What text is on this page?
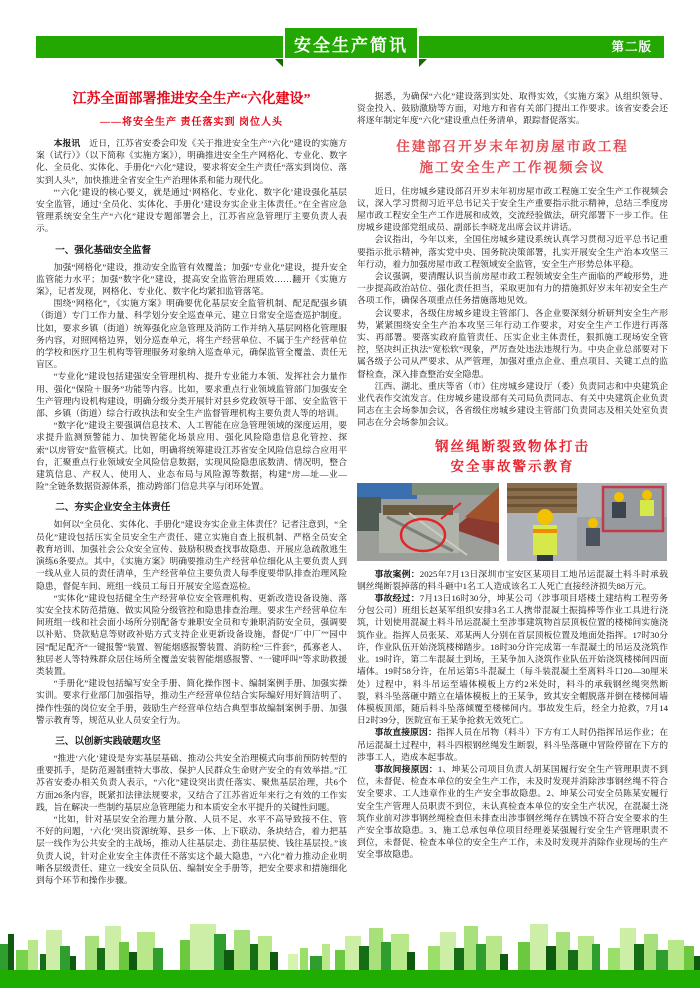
安全生产简讯	第二版
江苏全面部署推进安全生产“六化建设”
——将安全生产 责任落实到 岗位人头

本报讯　近日，江苏省安委会印发《关于推进安全生产“六化”建设的实施方案（试行）》（以下简称《实施方案》），明确推进安全生产网格化、专业化、数字化、全员化、实体化、手册化“六化”建设，要求将安全生产责任“落实到岗位、落实到人头”，加快推进全省安全生产治理体系和能力现代化。

“‘六化’建设的核心要义，就是通过‘网格化、专业化、数字化’建设强化基层安全监管，通过‘全员化、实体化、手册化’建设夯实企业主体责任。”在全省应急管理系统安全生产“六化”建设专题部署会上，江苏省应急管理厅主要负责人表示。

一、强化基础安全监督

加强“网格化”建设，推动安全监管有效覆盖；加强“专业化”建设，提升安全监管能力水平；加强“数字化”建设，提高安全监管治理质效……翻开《实施方案》，记者发现，网格化、专业化、数字化均紧扣监管落笔。

围绕“网格化”，《实施方案》明确要优化基层安全监管机制、配足配强乡镇（街道）专门工作力量、科学划分安全巡查单元、建立日常安全巡查巡护制度。比如，要求乡镇（街道）统筹强化应急管理及消防工作并纳入基层网格化管理服务内容，对照网格边界，划分巡查单元，将生产经营单位、不属于生产经营单位的学校和医疗卫生机构等管理服务对象纳入巡查单元，确保监管全覆盖、责任无盲区。

“专业化”建设包括建强安全管理机构、提升专业能力本领、发挥社会力量作用、强化“保险＋服务”功能等内容。比如，要求重点行业领域监管部门加强安全生产管理内设机构建设，明确分级分类开展针对县乡党政领导干部、安全监管干部、乡镇（街道）综合行政执法和安全生产监督管理机构主要负责人等的培训。

“数字化”建设主要强调信息技术、人工智能在应急管理领域的深度运用，要求提升监测预警能力、加快智能化场景应用、强化风险隐患信息化管控、探索“以房管安”监管模式。比如，明确将统筹建设江苏省安全风险信息综合应用平台，汇聚重点行业领域安全风险信息数据，实现风险隐患底数清、情况明，整合建筑信息、产权人、使用人、业态布局与风险源等数据，构建“房—址—业—险”全链条数据资源体系，推动跨部门信息共享与闭环处置。

二、夯实企业安全主体责任

如何以“全员化、实体化、手册化”建设夯实企业主体责任？记者注意到，“全员化”建设包括压实全员安全生产责任、建立实施自查上报机制、严格全员安全教育培训、加强社会公众安全宣传、鼓励积极查找事故隐患、开展应急疏散逃生演练6条要点。其中，《实施方案》明确要推动生产经营单位细化从主要负责人到一线从业人员的责任清单，生产经营单位主要负责人每季度要带队排查治理风险隐患，督促车间、班组一线员工每日开展安全巡查巡检。

“实体化”建设包括健全生产经营单位安全管理机构、更新改造设备设施、落实安全技术防范措施、做实风险分级管控和隐患排查治理。要求生产经营单位车间班组一线和社会面小场所分别配备专兼职安全员和专兼职消防安全员，强调要以补贴、贷款贴息等财政补贴方式支持企业更新设备设施，督促“厂中厂”“园中园”配足配齐“一键报警”装置、智能烟感报警装置、消防栓“三件套”，孤寡老人、独居老人等特殊群众居住场所全覆盖安装智能烟感报警、“一键呼叫”等求助救援类装置。

“手册化”建设包括编写安全手册、简化操作图卡、编制案例手册、加强实操实训。要求行业部门加强指导，推动生产经营单位结合实际编好用好简洁明了、操作性强的岗位安全手册，鼓励生产经营单位结合典型事故编制案例手册、加强警示教育等，规范从业人员安全行为。

三、以创新实践破题攻坚

“推进‘六化’建设是夯实基层基础、推动公共安全治理模式向事前预防转型的重要抓手，是防范遏制重特大事故、保护人民群众生命财产安全的有效举措。”江苏省安委办相关负责人表示，“六化”建设突出责任落实、聚焦基层治理，共6个方面26条内容，既紧扣法律法规要求，又结合了江苏省近年来行之有效的工作实践，旨在解决一些制约基层应急管理能力和本质安全水平提升的关键性问题。

“比如，针对基层安全治理力量分散、人员不足、水平不高导致接不住、管不好的问题，‘六化’突出资源统筹、县乡一体、上下联动、条块结合，着力把基层一线作为公共安全的主战场，推动人往基层走、劲往基层使、钱往基层投。”该负责人说，针对企业安全主体责任不落实这个最大隐患，“六化”着力推动企业明晰各层级责任、建立一线安全员队伍、编制安全手册等，把安全要求和措施细化到每个环节和操作步骤。

据悉，为确保“六化”建设落到实处、取得实效，《实施方案》从组织领导、资金投入、鼓励激励等方面，对地方和省有关部门提出工作要求。该省安委会还将逐年制定年度“六化”建设重点任务清单，跟踪督促落实。

住建部召开岁末年初房屋市政工程
施工安全生产工作视频会议

近日，住房城乡建设部召开岁末年初房屋市政工程施工安全生产工作视频会议，深入学习贯彻习近平总书记关于安全生产重要指示批示精神，总结三季度房屋市政工程安全生产工作进展和成效，交流经验做法，研究部署下一步工作。住房城乡建设部党组成员、副部长李晓龙出席会议并讲话。

会议指出，今年以来，全国住房城乡建设系统认真学习贯彻习近平总书记重要指示批示精神，落实党中央、国务院决策部署，扎实开展安全生产治本攻坚三年行动，着力加强房屋市政工程领域安全监管，安全生产形势总体平稳。

会议强调，要清醒认识当前房屋市政工程领域安全生产面临的严峻形势，进一步提高政治站位、强化责任担当，采取更加有力的措施抓好岁末年初安全生产各项工作，确保各项重点任务措施落地见效。

会议要求，各级住房城乡建设主管部门、各企业要深刻分析研判安全生产形势，紧紧围绕安全生产治本攻坚三年行动工作要求，对安全生产工作进行再落实、再部署。要落实政府监管责任、压实企业主体责任，狠抓施工现场安全管控，坚决纠正执法“宽松软”现象，严厉查处违法违规行为。中央企业总部要对下属各级子公司从严要求、从严管理，加强对重点企业、重点项目、关键工点的监督检查，深入排查整治安全隐患。

江西、湖北、重庆等省（市）住房城乡建设厅（委）负责同志和中央建筑企业代表作交流发言。住房城乡建设部有关司局负责同志、有关中央建筑企业负责同志在主会场参加会议，各省级住房城乡建设主管部门负责同志及相关处室负责同志在分会场参加会议。

钢丝绳断裂致物体打击
安全事故警示教育

事故案例：2025年7月13日深圳市宝安区某项目工地吊运混凝土料斗时承载钢丝绳断裂掉落的料斗砸中1名工人造成该名工人死亡直接经济损失88万元。

事故经过：7月13日16时30分，坤某公司（涉事项目塔楼土建结构工程劳务分包公司）班组长赵某军组织安排3名工人携带混凝土振捣棒等作业工具进行浇筑，计划使用混凝土料斗吊运混凝土至涉事建筑物首层顶板位置的楼梯间实施浇筑作业。指挥人员张某、邓某两人分别在首层顶板位置及地面处指挥。17时30分许，作业队伍开始浇筑楼梯踏步。18时30分许完成第一车混凝土的吊运及浇筑作业。19时许，第二车混凝土到场，王某争加入浇筑作业队伍开始浇筑楼梯间四面墙体。19时58分许，在吊运第5斗混凝土（每斗装混凝土至离料斗口20—30厘米处）过程中，料斗吊运至墙体模板上方约2米处时，料斗的承载钢丝绳突然断裂，料斗坠落砸中踏立在墙体模板上的王某争，致其安全帽脱落并倒在楼梯间墙体模板顶部，随后料斗坠落倾覆至楼梯间内。事故发生后，经全力抢救，7月14日2时39分，医院宣布王某争抢救无效死亡。

事故直接原因：指挥人员在吊物（料斗）下方有工人时仍指挥吊运作业；在吊运混凝土过程中，料斗四根钢丝绳发生断裂，料斗坠落砸中冒险停留在下方的涉事工人，造成本起事故。

事故间接原因：1、坤某公司项目负责人胡某国履行安全生产管理职责不到位，未督促、检查本单位的安全生产工作，未及时发现并消除涉事钢丝绳不符合安全要求、工人违章作业的生产安全事故隐患。2、坤某公司安全员陈某安履行安全生产管理人员职责不到位，未认真检查本单位的安全生产状况，在混凝土浇筑作业前对涉事钢丝绳检查但未排查出涉事钢丝绳存在锈蚀不符合安全要求的生产安全事故隐患。3、施工总承包单位项目经理姜某强履行安全生产管理职责不到位，未督促、检查本单位的安全生产工作，未及时发现并消除作业现场的生产安全事故隐患。
